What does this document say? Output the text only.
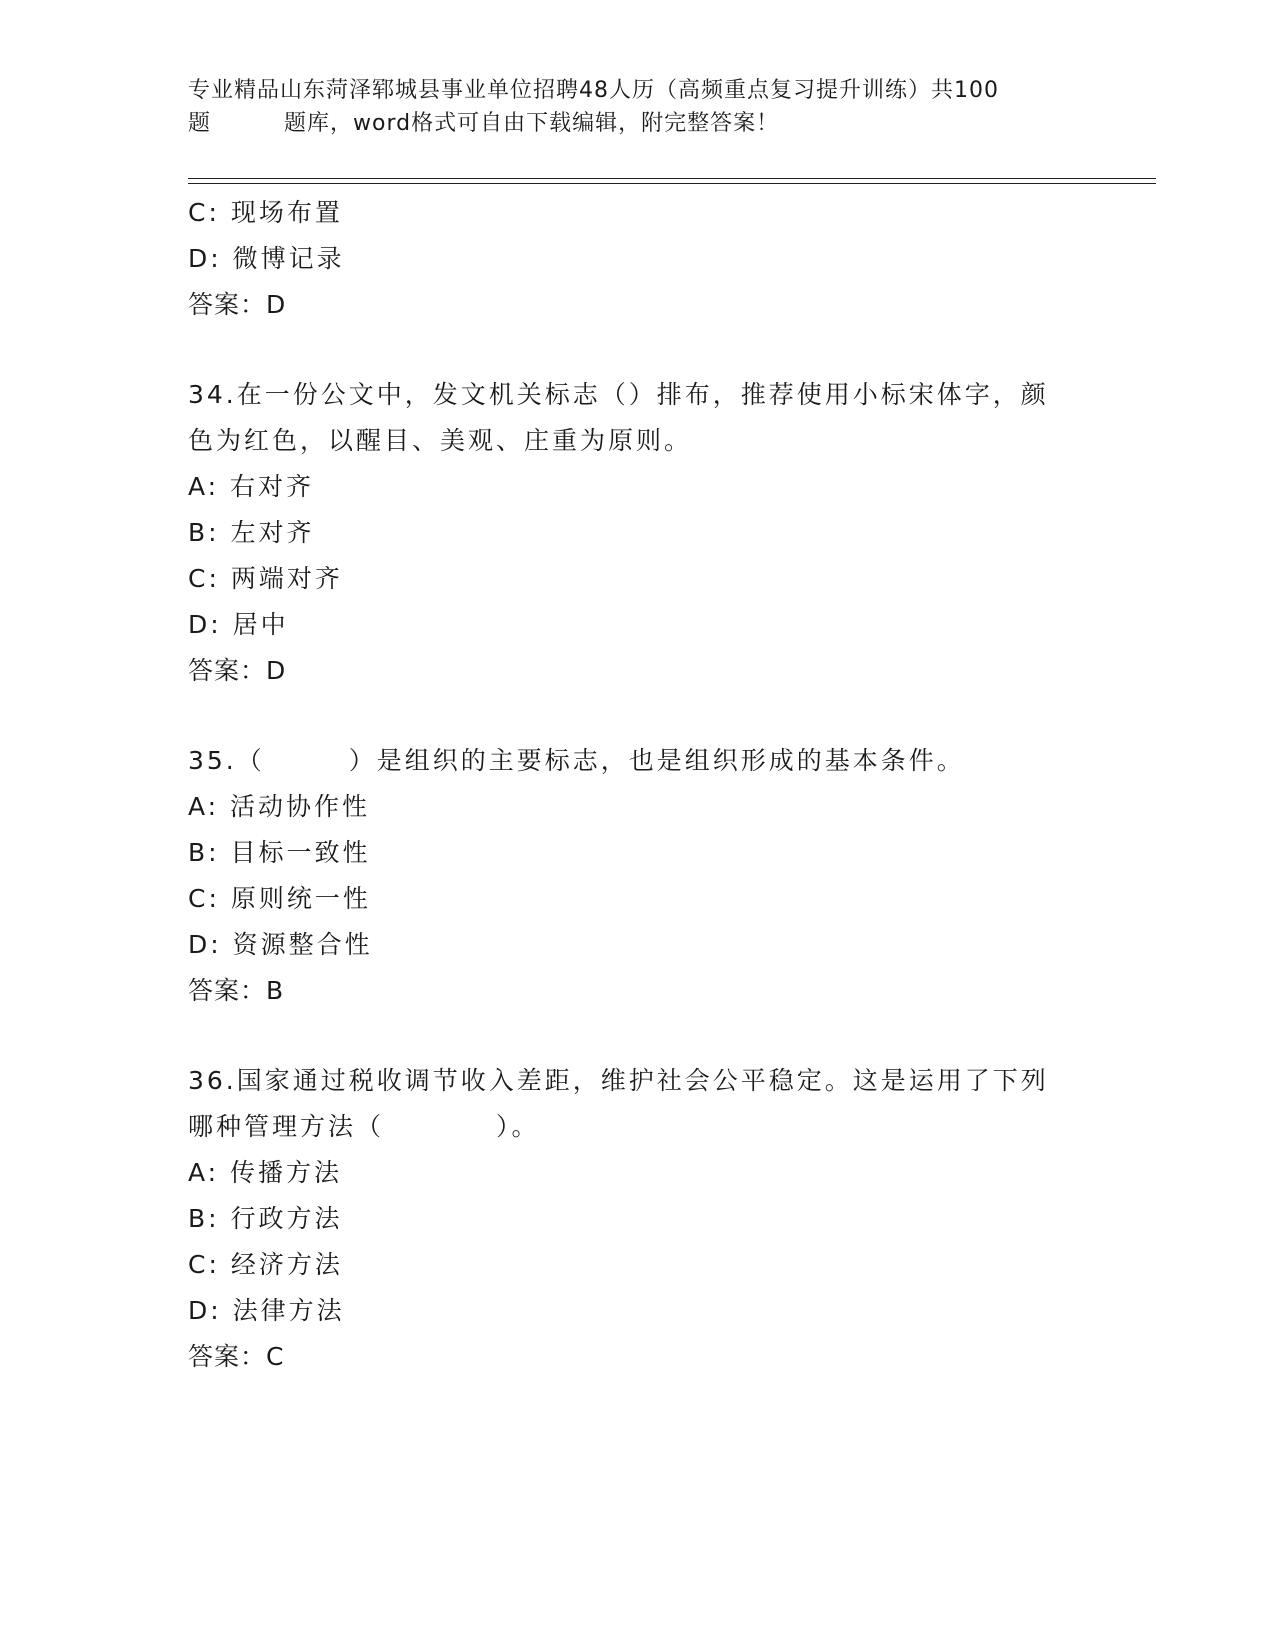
专业精品山东菏泽郓城县事业单位招聘48人历（高频重点复习提升训练）共100
题	题库，word格式可自由下载编辑，附完整答案！
C: 现场布置
D: 微博记录
答案：D
34.在一份公文中，发文机关标志（）排布，推荐使用小标宋体字，颜
色为红色，以醒目、美观、庄重为原则。
A: 右对齐
B: 左对齐
C: 两端对齐
D: 居中
答案：D
35.（　　　）是组织的主要标志，也是组织形成的基本条件。
A: 活动协作性
B: 目标一致性
C: 原则统一性
D: 资源整合性
答案：B
36.国家通过税收调节收入差距，维护社会公平稳定。这是运用了下列
哪种管理方法（　　　　）。
A: 传播方法
B: 行政方法
C: 经济方法
D: 法律方法
答案：C
